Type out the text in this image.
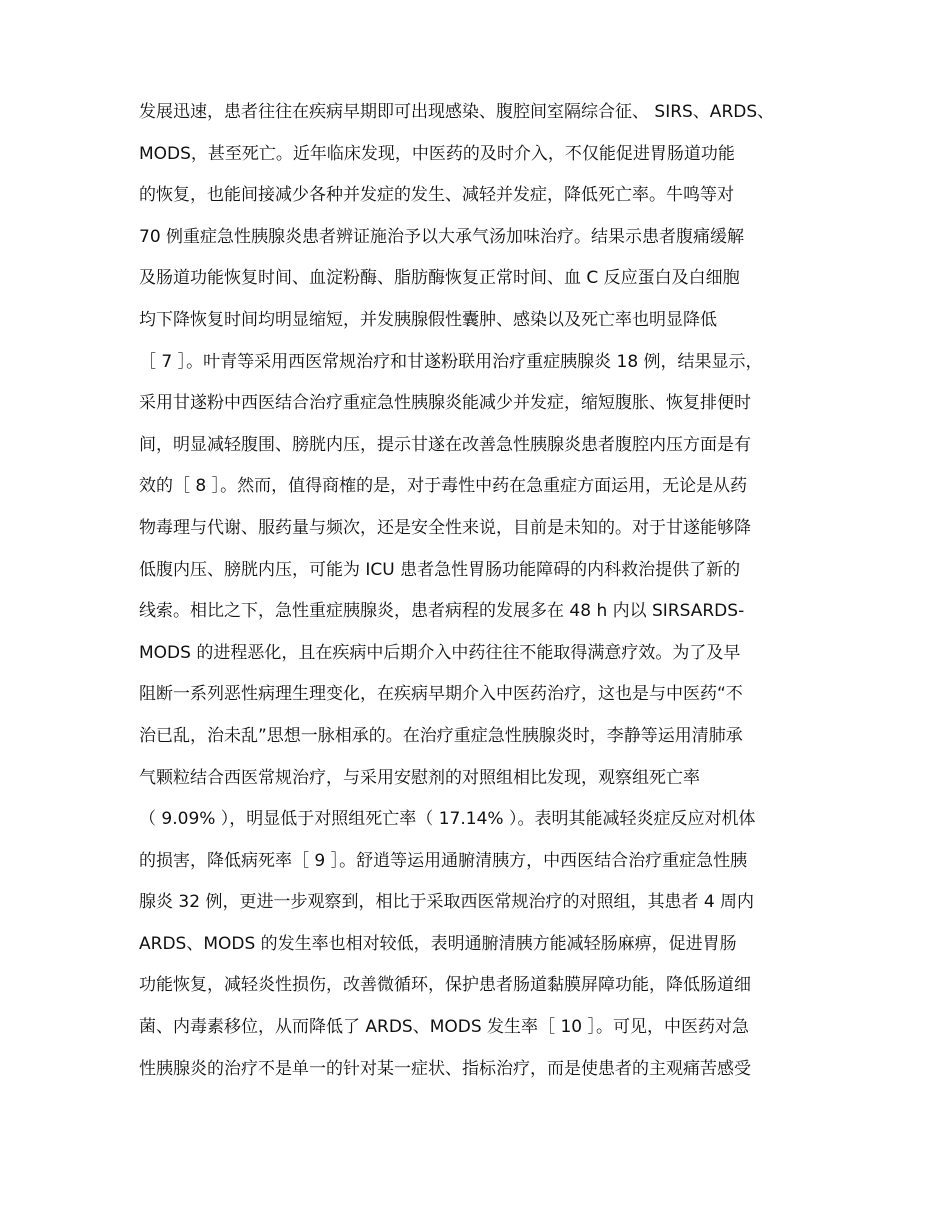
发展迅速，患者往往在疾病早期即可出现感染、腹腔间室隔综合征、 SIRS、ARDS、
MODS，甚至死亡。近年临床发现，中医药的及时介入，不仅能促进胃肠道功能
的恢复，也能间接减少各种并发症的发生、减轻并发症，降低死亡率。牛鸣等对
70 例重症急性胰腺炎患者辨证施治予以大承气汤加味治疗。结果示患者腹痛缓解
及肠道功能恢复时间、血淀粉酶、脂肪酶恢复正常时间、血 C 反应蛋白及白细胞
均下降恢复时间均明显缩短，并发胰腺假性囊肿、感染以及死亡率也明显降低
［ 7 ］。叶青等采用西医常规治疗和甘遂粉联用治疗重症胰腺炎 18 例，结果显示，
采用甘遂粉中西医结合治疗重症急性胰腺炎能减少并发症，缩短腹胀、恢复排便时
间，明显减轻腹围、膀胱内压，提示甘遂在改善急性胰腺炎患者腹腔内压方面是有
效的［ 8 ］。然而，值得商榷的是，对于毒性中药在急重症方面运用，无论是从药
物毒理与代谢、服药量与频次，还是安全性来说，目前是未知的。对于甘遂能够降
低腹内压、膀胱内压，可能为 ICU 患者急性胃肠功能障碍的内科救治提供了新的
线索。相比之下，急性重症胰腺炎，患者病程的发展多在 48 h 内以 SIRSARDS-
MODS 的进程恶化，且在疾病中后期介入中药往往不能取得满意疗效。为了及早
阻断一系列恶性病理生理变化，在疾病早期介入中医药治疗，这也是与中医药“不
治已乱，治未乱”思想一脉相承的。在治疗重症急性胰腺炎时，李静等运用清肺承
气颗粒结合西医常规治疗，与采用安慰剂的对照组相比发现，观察组死亡率
（ 9.09% ），明显低于对照组死亡率（ 17.14% ）。表明其能减轻炎症反应对机体
的损害，降低病死率［ 9 ］。舒逍等运用通腑清胰方，中西医结合治疗重症急性胰
腺炎 32 例，更进一步观察到，相比于采取西医常规治疗的对照组，其患者 4 周内
ARDS、MODS 的发生率也相对较低，表明通腑清胰方能减轻肠麻痹，促进胃肠
功能恢复，减轻炎性损伤，改善微循环，保护患者肠道黏膜屏障功能，降低肠道细
菌、内毒素移位，从而降低了 ARDS、MODS 发生率［ 10 ］。可见，中医药对急
性胰腺炎的治疗不是单一的针对某一症状、指标治疗，而是使患者的主观痛苦感受
